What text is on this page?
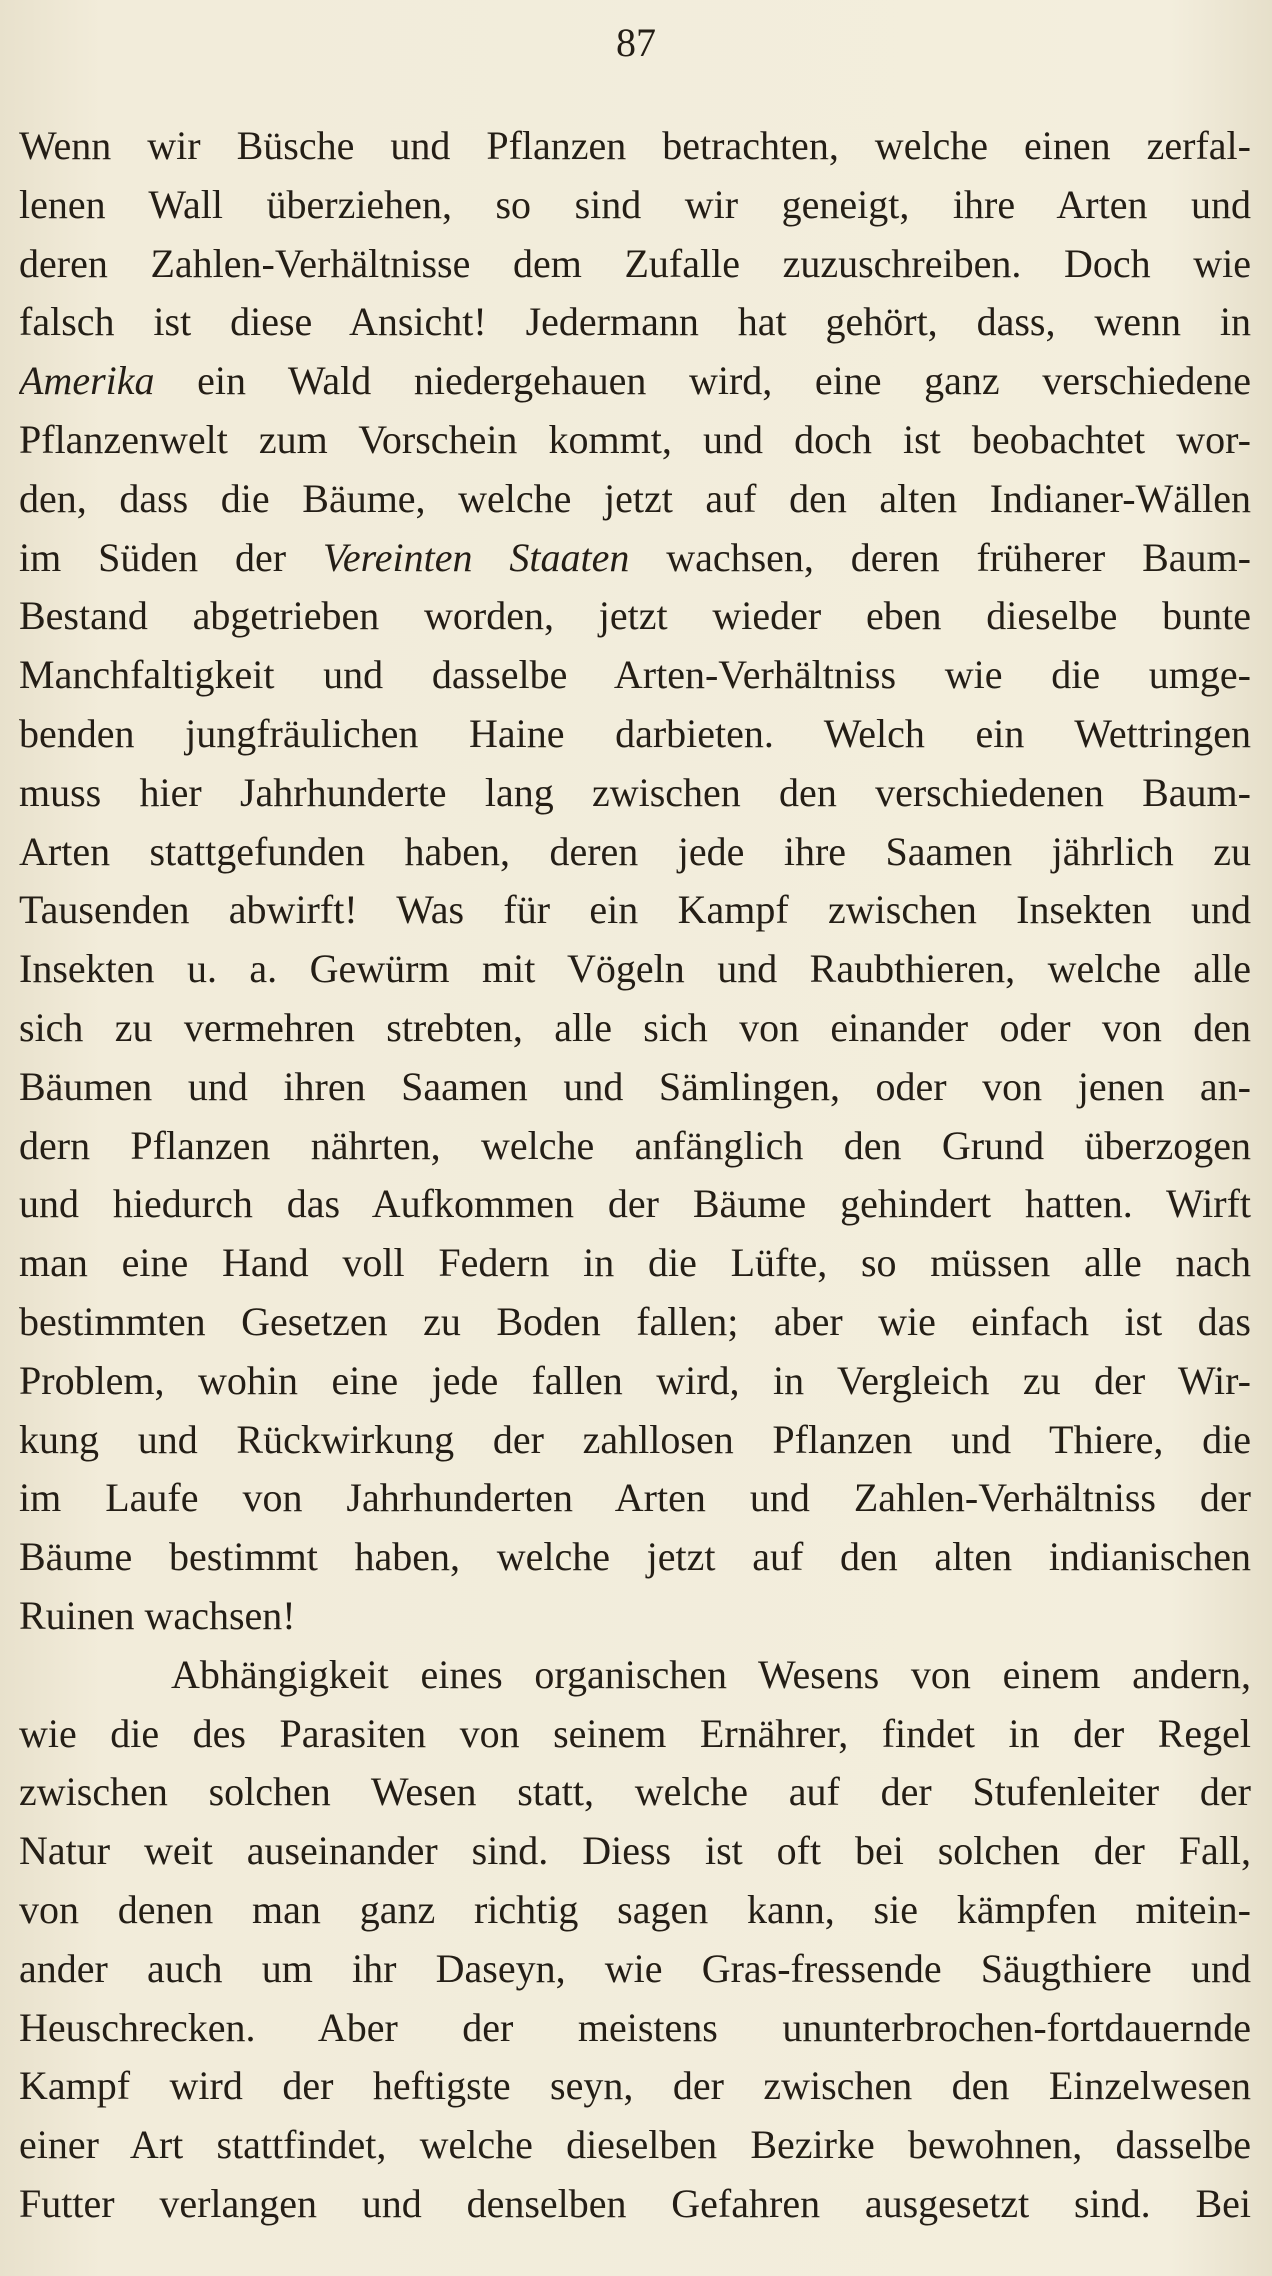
87
Wenn wir Büsche und Pflanzen betrachten, welche einen zerfal-
lenen Wall überziehen, so sind wir geneigt, ihre Arten und
deren Zahlen-Verhältnisse dem Zufalle zuzuschreiben. Doch wie
falsch ist diese Ansicht! Jedermann hat gehört, dass, wenn in
Amerika ein Wald niedergehauen wird, eine ganz verschiedene
Pflanzenwelt zum Vorschein kommt, und doch ist beobachtet wor-
den, dass die Bäume, welche jetzt auf den alten Indianer-Wällen
im Süden der Vereinten Staaten wachsen, deren früherer Baum-
Bestand abgetrieben worden, jetzt wieder eben dieselbe bunte
Manchfaltigkeit und dasselbe Arten-Verhältniss wie die umge-
benden jungfräulichen Haine darbieten. Welch ein Wettringen
muss hier Jahrhunderte lang zwischen den verschiedenen Baum-
Arten stattgefunden haben, deren jede ihre Saamen jährlich zu
Tausenden abwirft! Was für ein Kampf zwischen Insekten und
Insekten u. a. Gewürm mit Vögeln und Raubthieren, welche alle
sich zu vermehren strebten, alle sich von einander oder von den
Bäumen und ihren Saamen und Sämlingen, oder von jenen an-
dern Pflanzen nährten, welche anfänglich den Grund überzogen
und hiedurch das Aufkommen der Bäume gehindert hatten. Wirft
man eine Hand voll Federn in die Lüfte, so müssen alle nach
bestimmten Gesetzen zu Boden fallen; aber wie einfach ist das
Problem, wohin eine jede fallen wird, in Vergleich zu der Wir-
kung und Rückwirkung der zahllosen Pflanzen und Thiere, die
im Laufe von Jahrhunderten Arten und Zahlen-Verhältniss der
Bäume bestimmt haben, welche jetzt auf den alten indianischen
Ruinen wachsen!
Abhängigkeit eines organischen Wesens von einem andern,
wie die des Parasiten von seinem Ernährer, findet in der Regel
zwischen solchen Wesen statt, welche auf der Stufenleiter der
Natur weit auseinander sind. Diess ist oft bei solchen der Fall,
von denen man ganz richtig sagen kann, sie kämpfen mitein-
ander auch um ihr Daseyn, wie Gras-fressende Säugthiere und
Heuschrecken. Aber der meistens ununterbrochen-fortdauernde
Kampf wird der heftigste seyn, der zwischen den Einzelwesen
einer Art stattfindet, welche dieselben Bezirke bewohnen, dasselbe
Futter verlangen und denselben Gefahren ausgesetzt sind. Bei
